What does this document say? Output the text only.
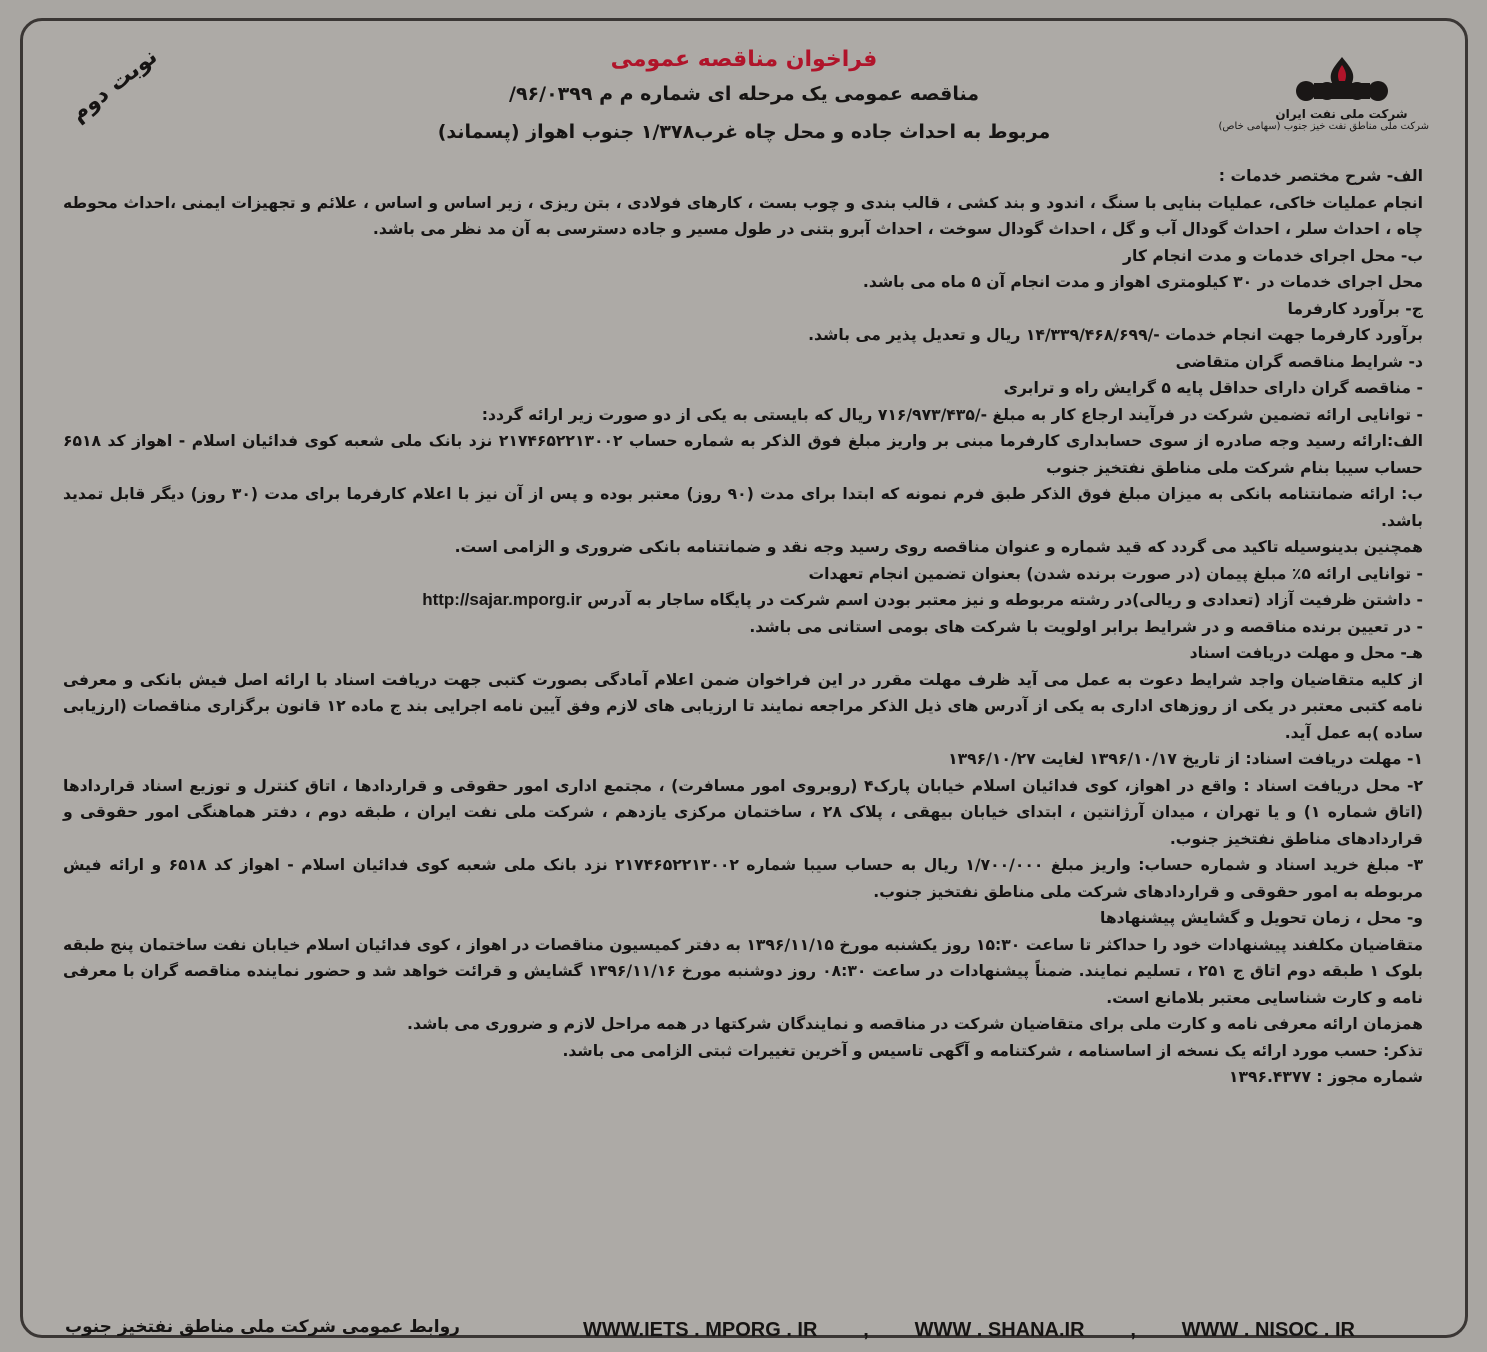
فراخوان مناقصه عمومی
مناقصه عمومی یک مرحله ای شماره م م ۹۶/۰۳۹۹/
مربوط به احداث جاده و محل چاه غرب۱/۳۷۸ جنوب اهواز (پسماند)
نوبت دوم	شرکت ملی نفت ایران
شرکت ملی مناطق نفت خیز جنوب (سهامی خاص)

الف- شرح مختصر خدمات :

انجام عملیات خاکی، عملیات بنایی با سنگ ، اندود و بند کشی ، قالب بندی و چوب بست ، کارهای فولادی ، بتن ریزی ، زیر اساس و اساس ، علائم و تجهیزات ایمنی ،احداث محوطه چاه ، احداث سلر ، احداث گودال آب و گل ، احداث گودال سوخت ، احداث آبرو بتنی در طول مسیر و جاده دسترسی به آن مد نظر می باشد.

ب- محل اجرای خدمات و مدت انجام کار

محل اجرای خدمات در ۳۰ کیلومتری اهواز و مدت انجام آن ۵ ماه می باشد.

ج- برآورد کارفرما

برآورد کارفرما جهت انجام خدمات -/۱۴/۳۳۹/۴۶۸/۶۹۹ ریال و تعدیل پذیر می باشد.

د- شرایط مناقصه گران متقاضی

- مناقصه گران دارای حداقل پایه ۵ گرایش راه و ترابری

- توانایی ارائه تضمین شرکت در فرآیند ارجاع کار به مبلغ -/۷۱۶/۹۷۳/۴۳۵ ریال که بایستی به یکی از دو صورت زیر ارائه گردد:

الف:ارائه رسید وجه صادره از سوی حسابداری کارفرما مبنی بر واریز مبلغ فوق الذکر به شماره حساب ۲۱۷۴۶۵۲۲۱۳۰۰۲ نزد بانک ملی شعبه کوی فدائیان اسلام - اهواز کد ۶۵۱۸ حساب سیبا بنام شرکت ملی مناطق نفتخیز جنوب

ب: ارائه ضمانتنامه بانکی به میزان مبلغ فوق الذکر طبق فرم نمونه که ابتدا برای مدت (۹۰ روز) معتبر بوده و پس از آن نیز با اعلام کارفرما برای مدت (۳۰ روز) دیگر قابل تمدید باشد.

همچنین بدینوسیله تاکید می گردد که قید شماره و عنوان مناقصه روی رسید وجه نقد و ضمانتنامه بانکی ضروری و الزامی است.

- توانایی ارائه ۵٪ مبلغ پیمان (در صورت برنده شدن) بعنوان تضمین انجام تعهدات

- داشتن ظرفیت آزاد (تعدادی و ریالی)در رشته مربوطه و نیز معتبر بودن اسم شرکت در پایگاه ساجار به آدرس http://sajar.mporg.ir

- در تعیین برنده مناقصه و در شرایط برابر اولویت با شرکت های بومی استانی می باشد.

هـ- محل و مهلت دریافت اسناد

از کلیه متقاضیان واجد شرایط دعوت به عمل می آید ظرف مهلت مقرر در این فراخوان ضمن اعلام آمادگی بصورت کتبی جهت دریافت اسناد با ارائه اصل فیش بانکی و معرفی نامه کتبی معتبر در یکی از روزهای اداری به یکی از آدرس های ذیل الذکر مراجعه نمایند تا ارزیابی های لازم وفق آیین نامه اجرایی بند ج ماده ۱۲ قانون برگزاری مناقصات (ارزیابی ساده )به عمل آید.

۱- مهلت دریافت اسناد: از تاریخ ۱۳۹۶/۱۰/۱۷ لغایت ۱۳۹۶/۱۰/۲۷

۲- محل دریافت اسناد : واقع در اهواز، کوی فدائیان اسلام خیابان پارک۴ (روبروی امور مسافرت) ، مجتمع اداری امور حقوقی و قراردادها ، اتاق کنترل و توزیع اسناد قراردادها (اتاق شماره ۱) و یا تهران ، میدان آرژانتین ، ابتدای خیابان بیهقی ، پلاک ۲۸ ، ساختمان مرکزی یازدهم ، شرکت ملی نفت ایران ، طبقه دوم ، دفتر هماهنگی امور حقوقی و قراردادهای مناطق نفتخیز جنوب.

۳- مبلغ خرید اسناد و شماره حساب: واریز مبلغ ۱/۷۰۰/۰۰۰ ریال به حساب سیبا شماره ۲۱۷۴۶۵۲۲۱۳۰۰۲ نزد بانک ملی شعبه کوی فدائیان اسلام - اهواز کد ۶۵۱۸ و ارائه فیش مربوطه به امور حقوقی و قراردادهای شرکت ملی مناطق نفتخیز جنوب.

و- محل ، زمان تحویل و گشایش پیشنهادها

متقاضیان مکلفند پیشنهادات خود را حداکثر تا ساعت ۱۵:۳۰ روز یکشنبه مورخ ۱۳۹۶/۱۱/۱۵ به دفتر کمیسیون مناقصات در اهواز ، کوی فدائیان اسلام خیابان نفت ساختمان پنج طبقه بلوک ۱ طبقه دوم اتاق ج ۲۵۱ ، تسلیم نمایند. ضمناً پیشنهادات در ساعت ۰۸:۳۰ روز دوشنبه مورخ ۱۳۹۶/۱۱/۱۶ گشایش و قرائت خواهد شد و حضور نماینده مناقصه گران با معرفی نامه و کارت شناسایی معتبر بلامانع است.

همزمان ارائه معرفی نامه و کارت ملی برای متقاضیان شرکت در مناقصه و نمایندگان شرکتها در همه مراحل لازم و ضروری می باشد.

تذکر: حسب مورد ارائه یک نسخه از اساسنامه ، شرکتنامه و آگهی تاسیس و آخرین تغییرات ثبتی الزامی می باشد.

شماره مجوز : ۱۳۹۶.۴۳۷۷

روابط عمومی شرکت ملی مناطق نفتخیز جنوب	WWW.IETS . MPORG . IR , WWW . SHANA.IR , WWW . NISOC . IR
